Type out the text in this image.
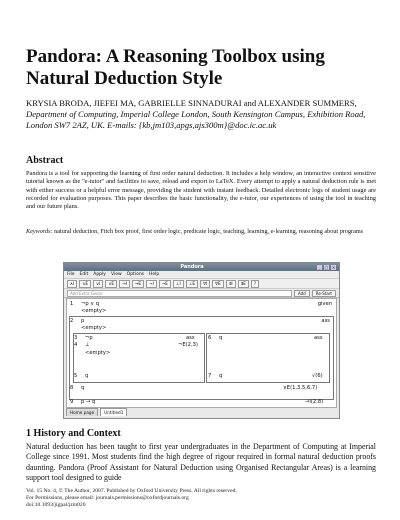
Pandora: A Reasoning Toolbox using Natural Deduction Style
KRYSIA BRODA, JIEFEI MA, GABRIELLE SINNADURAI and ALEXANDER SUMMERS, Department of Computing, Imperial College London, South Kensington Campus, Exhibition Road, London SW7 2AZ, UK. E-mails: {kb,jm103,apgs,ajs300m}@doc.ic.ac.uk
Abstract
Pandora is a tool for supporting the learning of first order natural deduction. It includes a help window, an interactive context sensitive tutorial known as the "e-tutor" and facilities to save, reload and export to LaTeX. Every attempt to apply a natural deduction rule is met with either success or a helpful error message, providing the student with instant feedback. Detailed electronic logs of student usage are recorded for evaluation purposes. This paper describes the basic functionality, the e-tutor, our experiences of using the tool in teaching and our future plans.
Keywords: natural deduction, Fitch box proof, first order logic, predicate logic, teaching, learning, e-learning, reasoning about programs
Pandora	_	□ ×
File Edit Apply View Options Help
∧I	∧E	∨I	∨E	→I	→E	¬I	¬E	⊥I	⊥E	∀I	∀E	∃I	∃E	?
Add Extra Given	Add	Re-Start
1 ¬p ∨ q	given
<empty>
2 p	ass
<empty>
3 ¬p	ass
4 ⊥	¬E(2,3)
<empty>
5 q
6 q	ass
7 q	√(6)
8 q	∨E(1,3,5,6,7)
9 p → q	→I(2,8)
Home page	Untitled1
1 History and Context
Natural deduction has been taught to first year undergraduates in the Department of Computing at Imperial College since 1991. Most students find the high degree of rigour required in formal natural deduction proofs daunting. Pandora (Proof Assistant for Natural Deduction using Organised Rectangular Areas) is a learning support tool designed to guide
Vol. 15 No. 4, © The Author, 2007. Published by Oxford University Press. All rights reserved.
For Permissions, please email: journals.permissions@oxfordjournals.org
doi:10.1093/jigpal/jzm020
